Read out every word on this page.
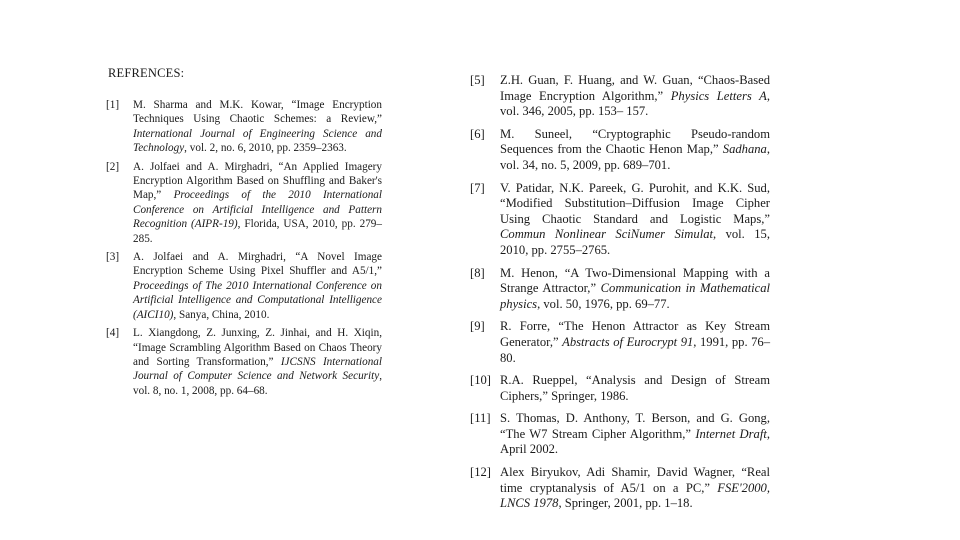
REFRENCES:
[1]	M. Sharma and M.K. Kowar, “Image Encryption Techniques Using Chaotic Schemes: a Review,” International Journal of Engineering Science and Technology, vol. 2, no. 6, 2010, pp. 2359–2363.
[2]	A. Jolfaei and A. Mirghadri, “An Applied Imagery Encryption Algorithm Based on Shuffling and Baker's Map,” Proceedings of the 2010 International Conference on Artificial Intelligence and Pattern Recognition (AIPR-19), Florida, USA, 2010, pp. 279–285.
[3]	A. Jolfaei and A. Mirghadri, “A Novel Image Encryption Scheme Using Pixel Shuffler and A5/1,” Proceedings of The 2010 International Conference on Artificial Intelligence and Computational Intelligence (AICI10), Sanya, China, 2010.
[4]	L. Xiangdong, Z. Junxing, Z. Jinhai, and H. Xiqin, “Image Scrambling Algorithm Based on Chaos Theory and Sorting Transformation,” IJCSNS International Journal of Computer Science and Network Security, vol. 8, no. 1, 2008, pp. 64–68.
[5]	Z.H. Guan, F. Huang, and W. Guan, “Chaos-Based Image Encryption Algorithm,” Physics Letters A, vol. 346, 2005, pp. 153– 157.
[6]	M. Suneel, “Cryptographic Pseudo-random Sequences from the Chaotic Henon Map,” Sadhana, vol. 34, no. 5, 2009, pp. 689–701.
[7]	V. Patidar, N.K. Pareek, G. Purohit, and K.K. Sud, “Modified Substitution–Diffusion Image Cipher Using Chaotic Standard and Logistic Maps,” Commun Nonlinear SciNumer Simulat, vol. 15, 2010, pp. 2755–2765.
[8]	M. Henon, “A Two-Dimensional Mapping with a Strange Attractor,” Communication in Mathematical physics, vol. 50, 1976, pp. 69–77.
[9]	R. Forre, “The Henon Attractor as Key Stream Generator,” Abstracts of Eurocrypt 91, 1991, pp. 76–80.
[10] R.A. Rueppel, “Analysis and Design of Stream Ciphers,” Springer, 1986.
[11] S. Thomas, D. Anthony, T. Berson, and G. Gong, “The W7 Stream Cipher Algorithm,” Internet Draft, April 2002.
[12] Alex Biryukov, Adi Shamir, David Wagner, “Real time cryptanalysis of A5/1 on a PC,” FSE'2000, LNCS 1978, Springer, 2001, pp. 1–18.
